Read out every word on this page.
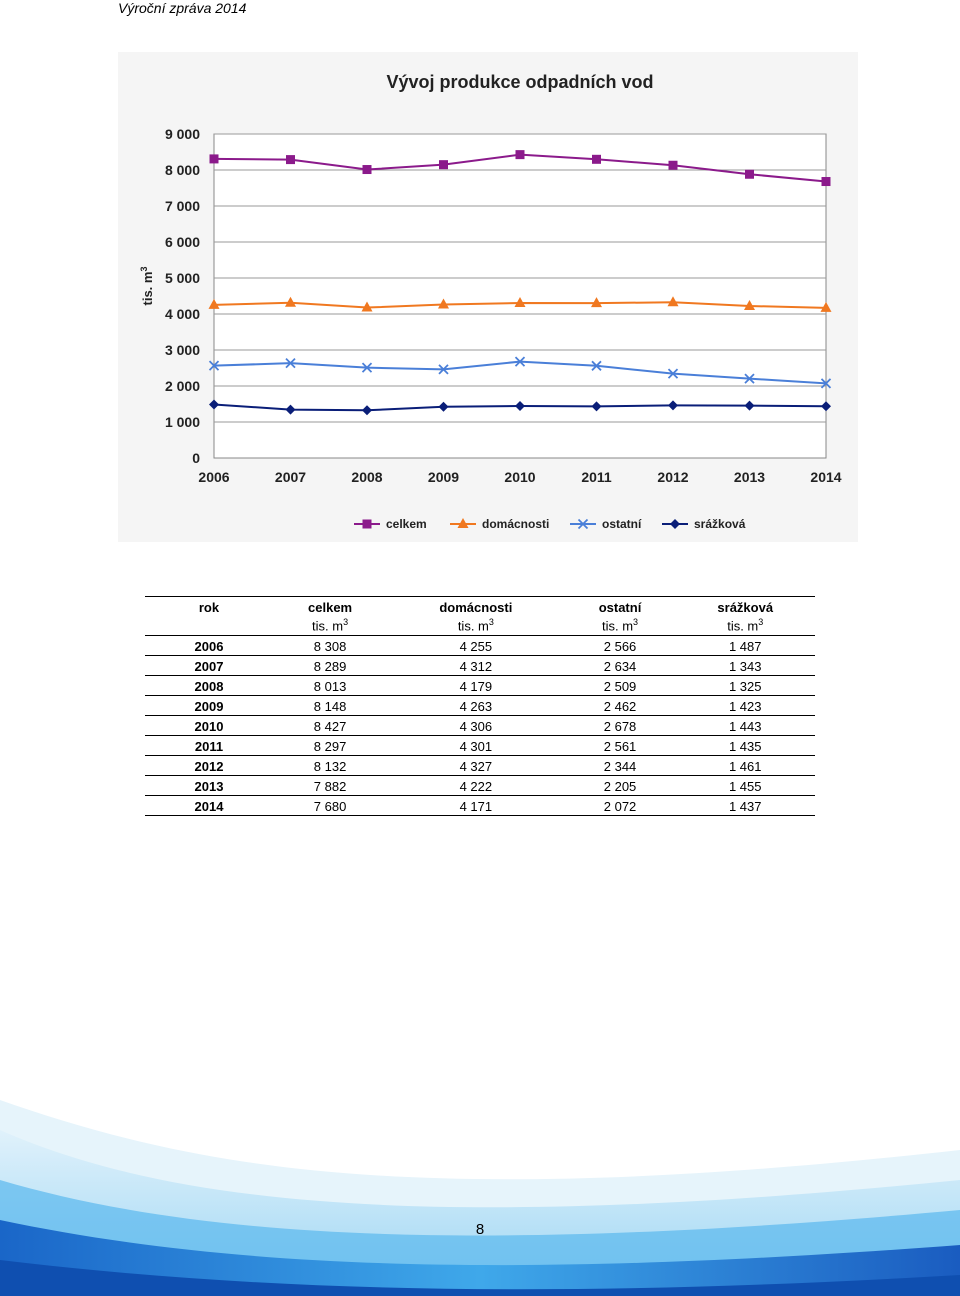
Výroční zpráva 2014
Vývoj produkce odpadních vod
0
1 000
2 000
3 000
4 000
5 000
6 000
7 000
8 000
9 000
tis. $m^3$
2006	2007	2008	2009	2010	2011	2012	2013	2014
celkem	domácnosti	ostatní	srážková
rok	celkem	domácnosti	ostatní	srážková
	tis. $m^3$	tis. $m^3$	tis. $m^3$	tis. $m^3$
2006	8 308	4 255	2 566	1 487
2007	8 289	4 312	2 634	1 343
2008	8 013	4 179	2 509	1 325
2009	8 148	4 263	2 462	1 423
2010	8 427	4 306	2 678	1 443
2011	8 297	4 301	2 561	1 435
2012	8 132	4 327	2 344	1 461
2013	7 882	4 222	2 205	1 455
2014	7 680	4 171	2 072	1 437
8
